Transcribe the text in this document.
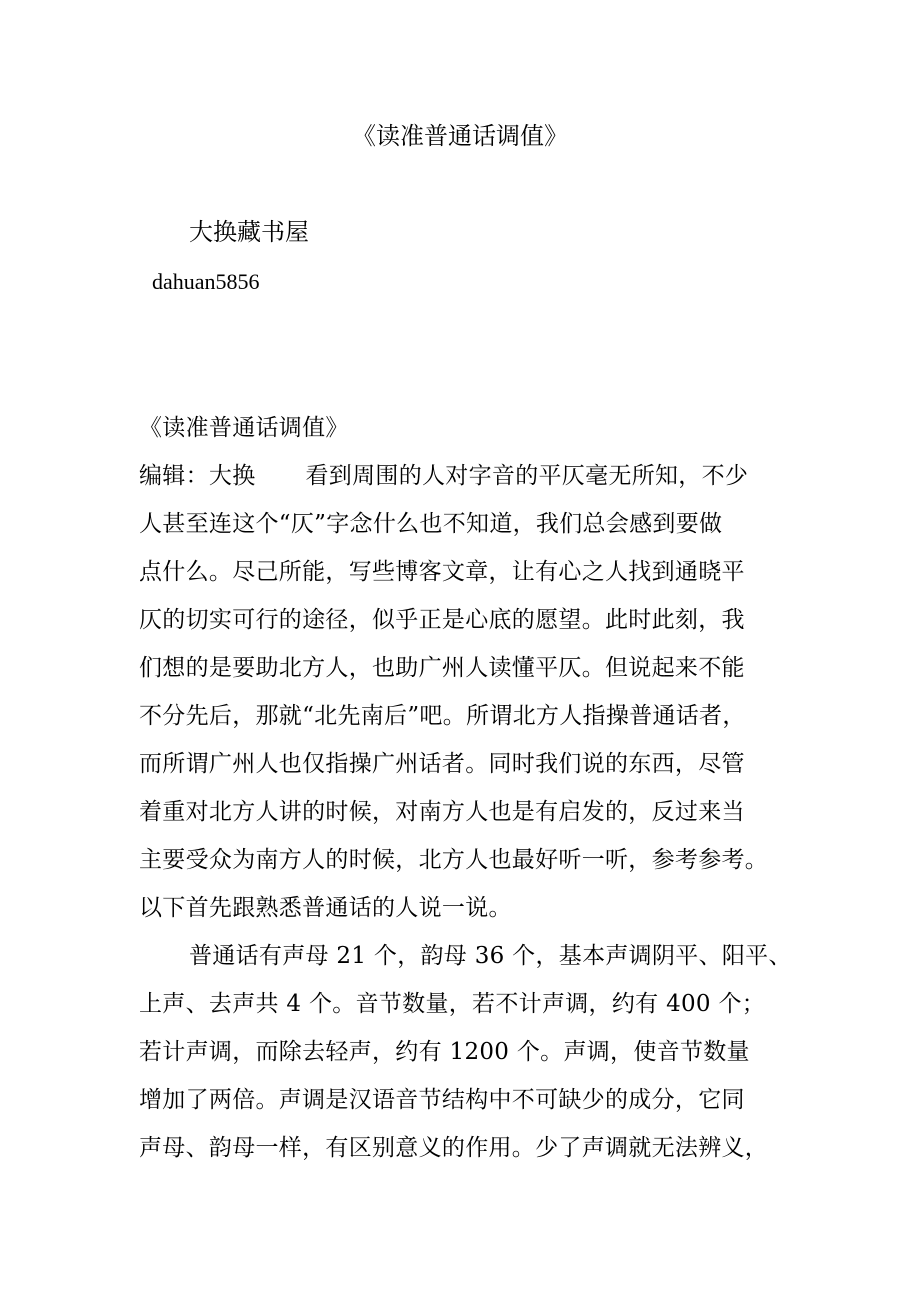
《读准普通话调值》
大换藏书屋
dahuan5856
《读准普通话调值》
编辑：大换 看到周围的人对字音的平仄毫无所知，不少
人甚至连这个“仄”字念什么也不知道，我们总会感到要做
点什么。尽己所能，写些博客文章，让有心之人找到通晓平
仄的切实可行的途径，似乎正是心底的愿望。此时此刻，我
们想的是要助北方人，也助广州人读懂平仄。但说起来不能
不分先后，那就“北先南后”吧。所谓北方人指操普通话者，
而所谓广州人也仅指操广州话者。同时我们说的东西，尽管
着重对北方人讲的时候，对南方人也是有启发的，反过来当
主要受众为南方人的时候，北方人也最好听一听，参考参考。
以下首先跟熟悉普通话的人说一说。
普通话有声母 21 个，韵母 36 个，基本声调阴平、阳平、
上声、去声共 4 个。音节数量，若不计声调，约有 400 个；
若计声调，而除去轻声，约有 1200 个。声调，使音节数量
增加了两倍。声调是汉语音节结构中不可缺少的成分，它同
声母、韵母一样，有区别意义的作用。少了声调就无法辨义，
